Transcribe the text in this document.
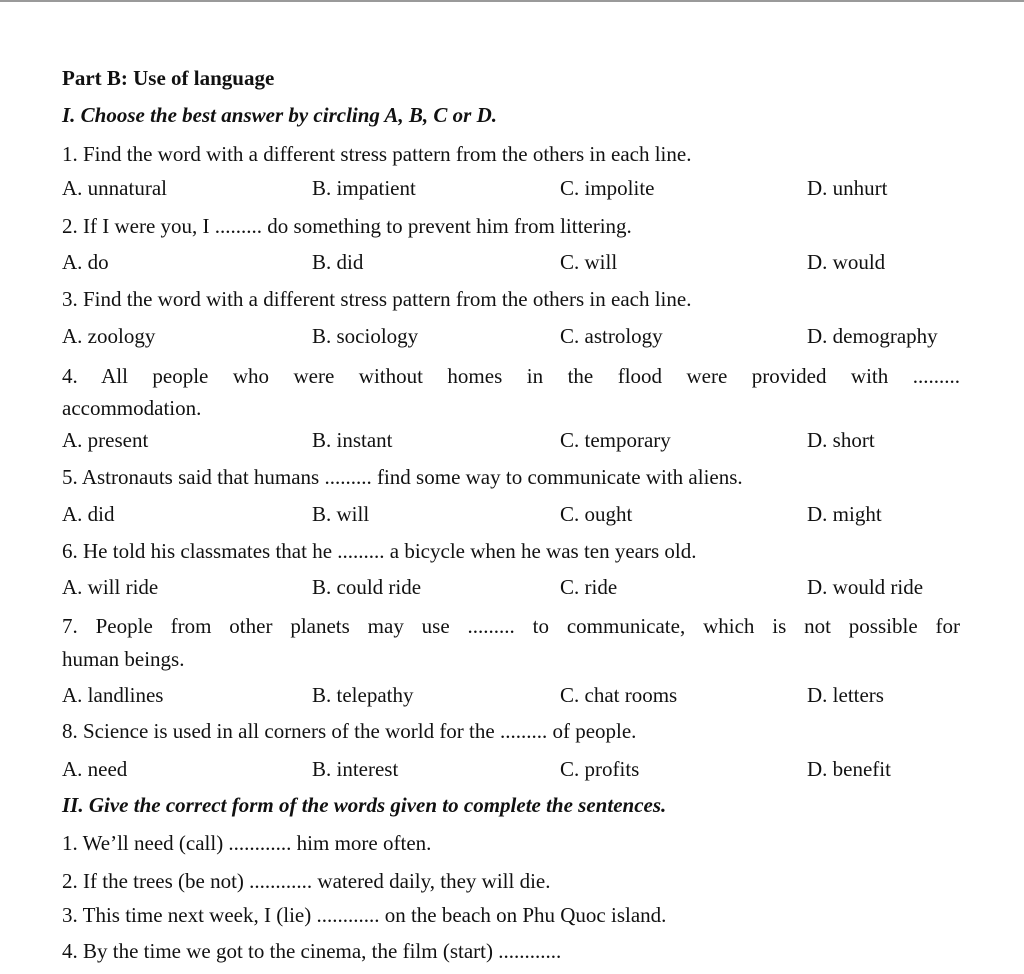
Part B: Use of language
I. Choose the best answer by circling A, B, C or D.
1. Find the word with a different stress pattern from the others in each line.
A. unnatural	B. impatient	C. impolite	D. unhurt
2. If I were you, I ......... do something to prevent him from littering.
A. do	B. did	C. will	D. would
3. Find the word with a different stress pattern from the others in each line.
A. zoology	B. sociology	C. astrology	D. demography
4. All people who were without homes in the flood were provided with .........
accommodation.
A. present	B. instant	C. temporary	D. short
5. Astronauts said that humans ......... find some way to communicate with aliens.
A. did	B. will	C. ought	D. might
6. He told his classmates that he ......... a bicycle when he was ten years old.
A. will ride	B. could ride	C. ride	D. would ride
7. People from other planets may use ......... to communicate, which is not possible for
human beings.
A. landlines	B. telepathy	C. chat rooms	D. letters
8. Science is used in all corners of the world for the ......... of people.
A. need	B. interest	C. profits	D. benefit
II. Give the correct form of the words given to complete the sentences.
1. We’ll need (call) ............ him more often.
2. If the trees (be not) ............ watered daily, they will die.
3. This time next week, I (lie) ............ on the beach on Phu Quoc island.
4. By the time we got to the cinema, the film (start) ............
